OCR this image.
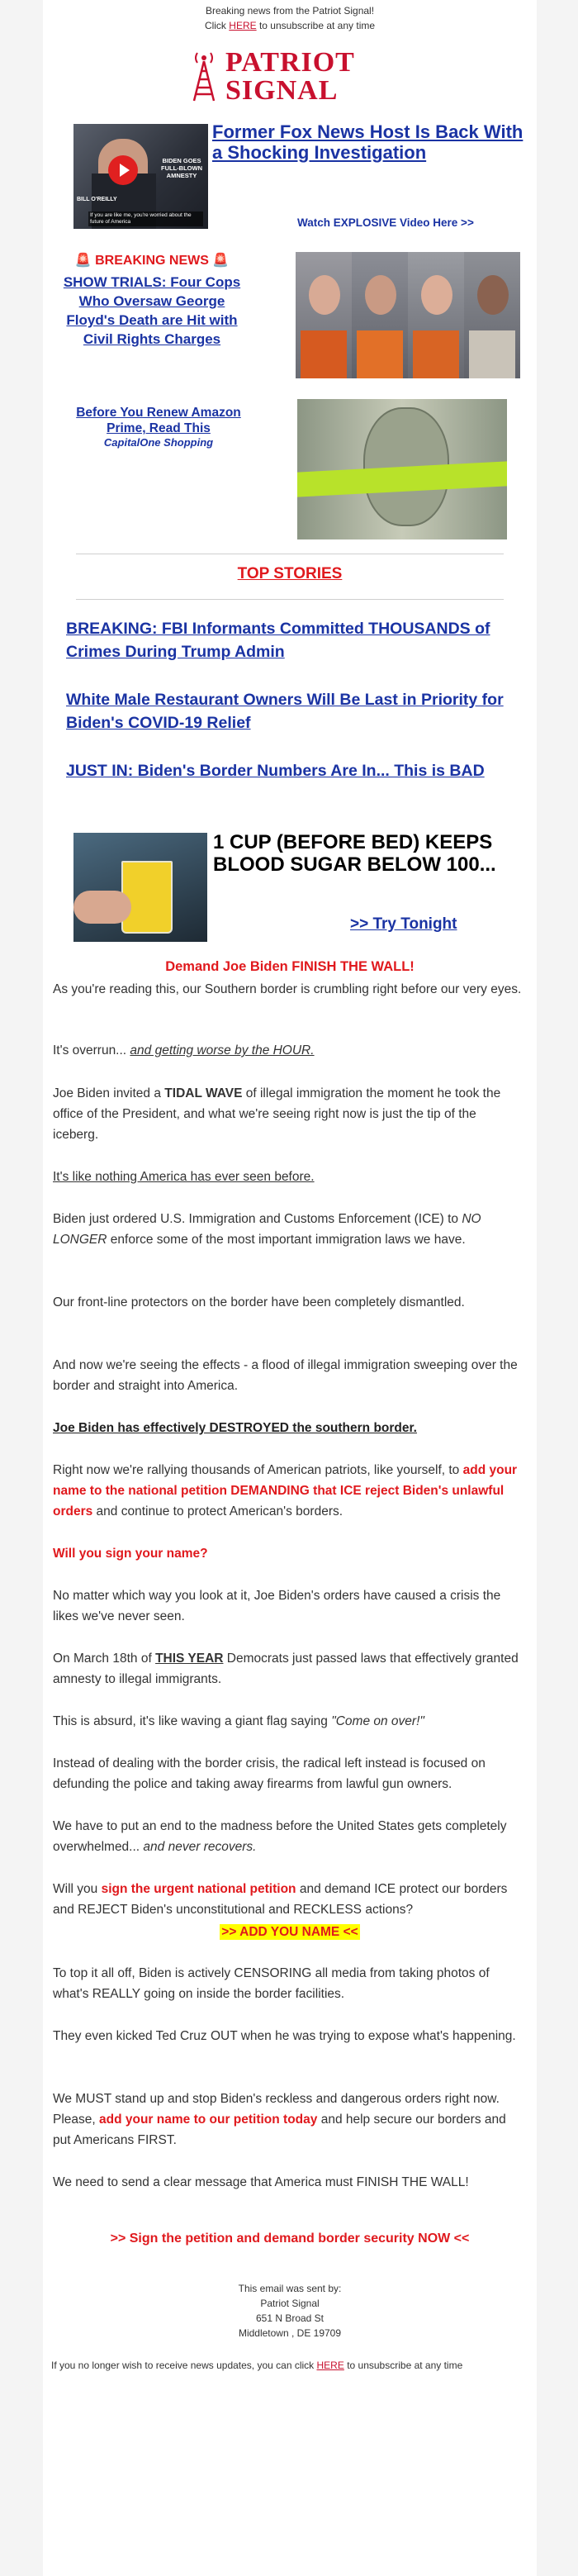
Breaking news from the Patriot Signal!
Click HERE to unsubscribe at any time
PATRIOT
SIGNAL
BIDEN GOES FULL-BLOWN AMNESTY
BILL O'REILLY
If you are like me, you're worried about the future of America
Former Fox News Host Is Back With a Shocking Investigation
Watch EXPLOSIVE Video Here >>
🚨 BREAKING NEWS 🚨
SHOW TRIALS: Four Cops Who Oversaw George Floyd's Death are Hit with Civil Rights Charges
Before You Renew Amazon Prime, Read This
CapitalOne Shopping
TOP STORIES
BREAKING: FBI Informants Committed THOUSANDS of Crimes During Trump Admin
White Male Restaurant Owners Will Be Last in Priority for Biden's COVID-19 Relief
JUST IN: Biden's Border Numbers Are In... This is BAD
1 CUP (BEFORE BED) KEEPS BLOOD SUGAR BELOW 100...
>> Try Tonight
Demand Joe Biden FINISH THE WALL!
As you're reading this, our Southern border is crumbling right before our very eyes.
It's overrun... and getting worse by the HOUR.
Joe Biden invited a TIDAL WAVE of illegal immigration the moment he took the office of the President, and what we're seeing right now is just the tip of the iceberg.
It's like nothing America has ever seen before.
Biden just ordered U.S. Immigration and Customs Enforcement (ICE) to NO LONGER enforce some of the most important immigration laws we have.
Our front-line protectors on the border have been completely dismantled.
And now we're seeing the effects - a flood of illegal immigration sweeping over the border and straight into America.
Joe Biden has effectively DESTROYED the southern border.
Right now we're rallying thousands of American patriots, like yourself, to add your name to the national petition DEMANDING that ICE reject Biden's unlawful orders and continue to protect American's borders.
Will you sign your name?
No matter which way you look at it, Joe Biden's orders have caused a crisis the likes we've never seen.
On March 18th of THIS YEAR Democrats just passed laws that effectively granted amnesty to illegal immigrants.
This is absurd, it's like waving a giant flag saying "Come on over!"
Instead of dealing with the border crisis, the radical left instead is focused on defunding the police and taking away firearms from lawful gun owners.
We have to put an end to the madness before the United States gets completely overwhelmed... and never recovers.
Will you sign the urgent national petition and demand ICE protect our borders and REJECT Biden's unconstitutional and RECKLESS actions?
>> ADD YOU NAME <<
To top it all off, Biden is actively CENSORING all media from taking photos of what's REALLY going on inside the border facilities.
They even kicked Ted Cruz OUT when he was trying to expose what's happening.
We MUST stand up and stop Biden's reckless and dangerous orders right now. Please, add your name to our petition today and help secure our borders and put Americans FIRST.
We need to send a clear message that America must FINISH THE WALL!
>> Sign the petition and demand border security NOW <<
This email was sent by:
Patriot Signal
651 N Broad St
Middletown , DE 19709
If you no longer wish to receive news updates, you can click HERE to unsubscribe at any time
